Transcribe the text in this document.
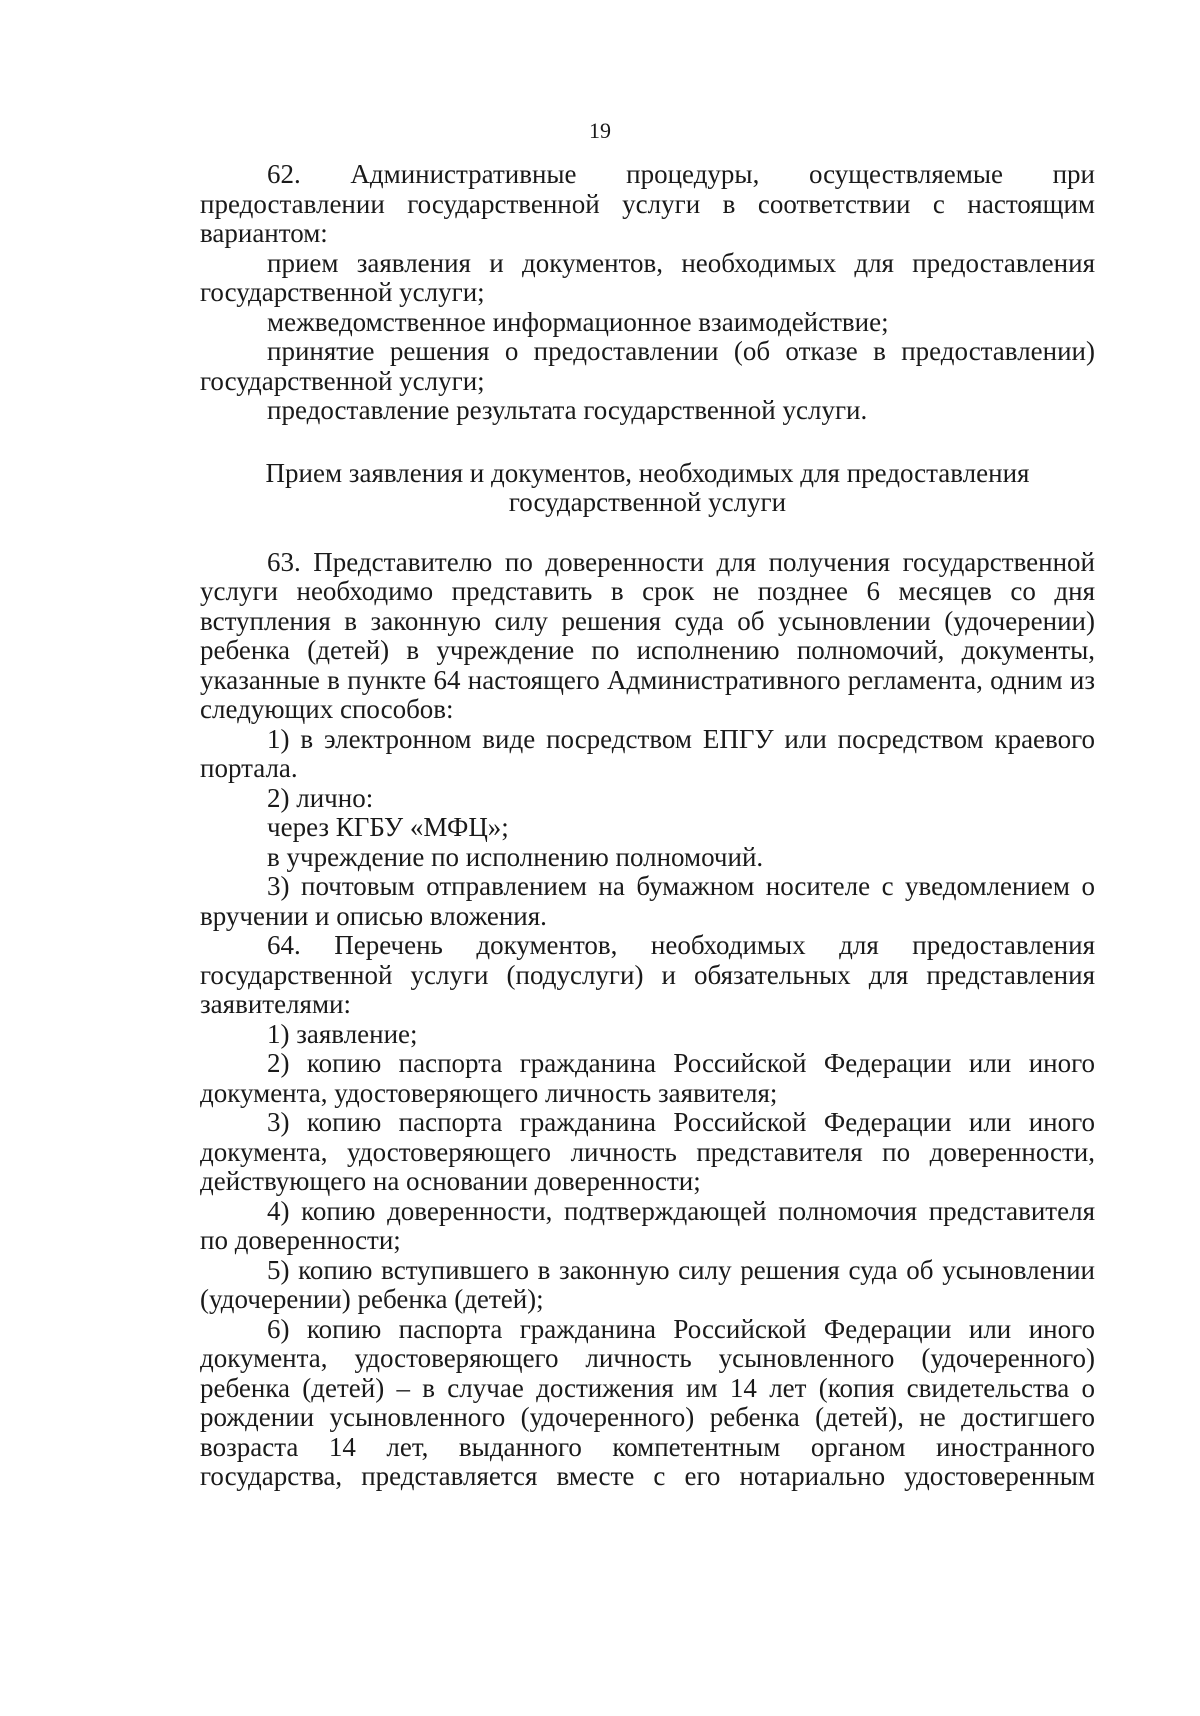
19

62. Административные процедуры, осуществляемые при предоставлении государственной услуги в соответствии с настоящим вариантом:

прием заявления и документов, необходимых для предоставления государственной услуги;

межведомственное информационное взаимодействие;

принятие решения о предоставлении (об отказе в предоставлении) государственной услуги;

предоставление результата государственной услуги.

Прием заявления и документов, необходимых для предоставления
государственной услуги

63. Представителю по доверенности для получения государственной услуги необходимо представить в срок не позднее 6 месяцев со дня вступления в законную силу решения суда об усыновлении (удочерении) ребенка (детей) в учреждение по исполнению полномочий, документы, указанные в пункте 64 настоящего Административного регламента, одним из следующих способов:

1) в электронном виде посредством ЕПГУ или посредством краевого портала.

2) лично:

через КГБУ «МФЦ»;

в учреждение по исполнению полномочий.

3) почтовым отправлением на бумажном носителе с уведомлением о вручении и описью вложения.

64. Перечень документов, необходимых для предоставления государственной услуги (подуслуги) и обязательных для представления заявителями:

1) заявление;

2) копию паспорта гражданина Российской Федерации или иного документа, удостоверяющего личность заявителя;

3) копию паспорта гражданина Российской Федерации или иного документа, удостоверяющего личность представителя по доверенности, действующего на основании доверенности;

4) копию доверенности, подтверждающей полномочия представителя по доверенности;

5) копию вступившего в законную силу решения суда об усыновлении (удочерении) ребенка (детей);

6) копию паспорта гражданина Российской Федерации или иного документа, удостоверяющего личность усыновленного (удочеренного) ребенка (детей) – в случае достижения им 14 лет (копия свидетельства о рождении усыновленного (удочеренного) ребенка (детей), не достигшего возраста 14 лет, выданного компетентным органом иностранного государства, представляется вместе с его нотариально удостоверенным
